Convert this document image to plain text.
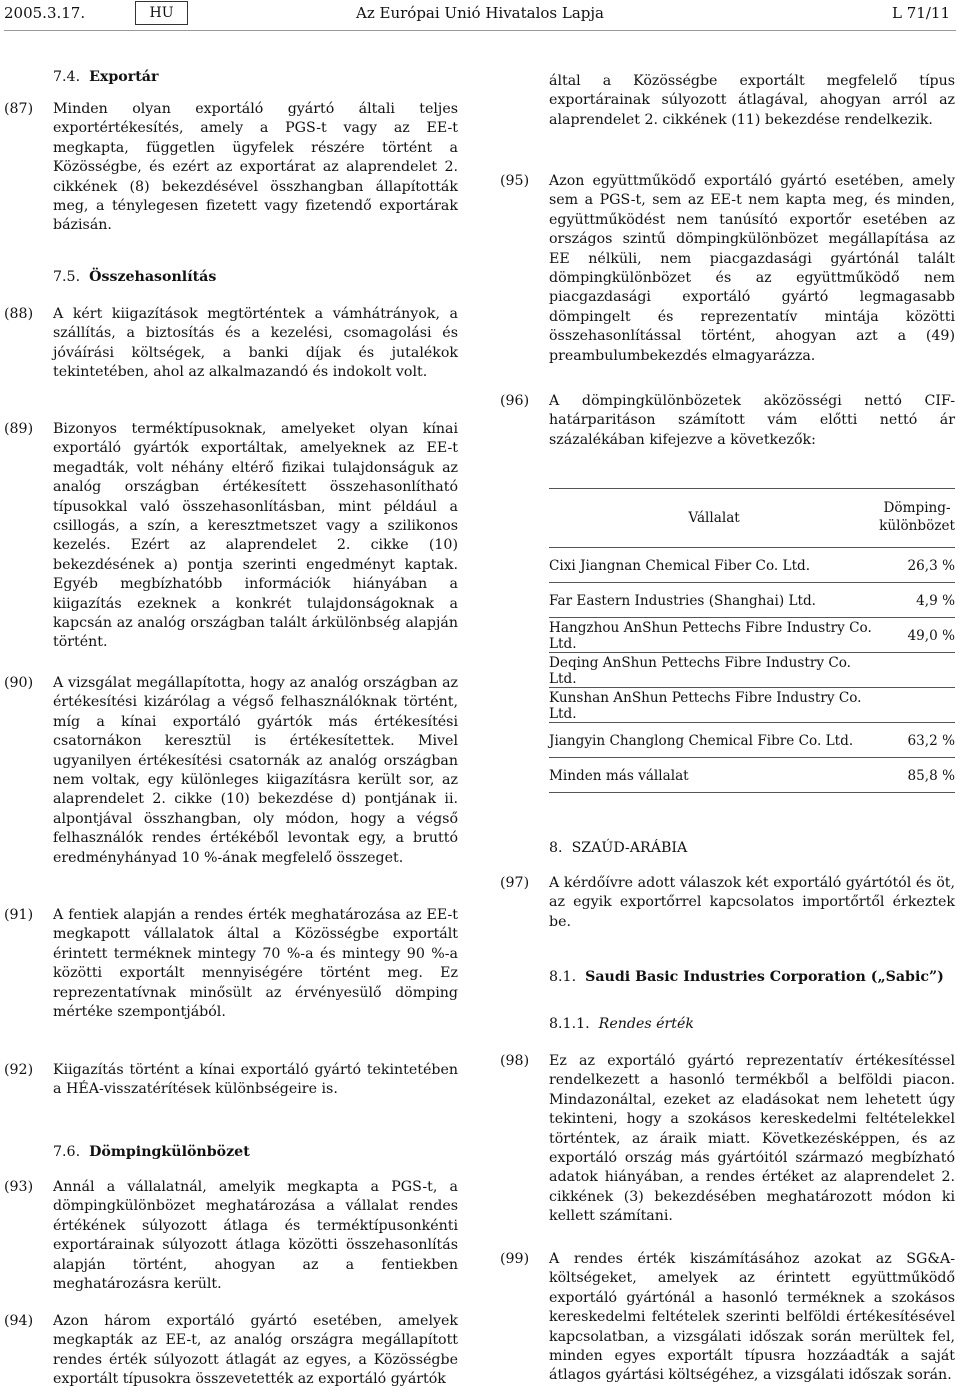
2005.3.17.	HU	Az Európai Unió Hivatalos Lapja	L 71/11
7.4. Exportár
(87) Minden olyan exportáló gyártó általi teljes exportértékesítés, amely a PGS-t vagy az EE-t megkapta, független ügyfelek részére történt a Közösségbe, és ezért az exportárat az alaprendelet 2. cikkének (8) bekezdésével összhangban állapították meg, a ténylegesen fizetett vagy fizetendő exportárak bázisán.
7.5. Összehasonlítás
(88) A kért kiigazítások megtörténtek a vámhátrányok, a szállítás, a biztosítás és a kezelési, csomagolási és jóváírási költségek, a banki díjak és jutalékok tekintetében, ahol az alkalmazandó és indokolt volt.
(89) Bizonyos terméktípusoknak, amelyeket olyan kínai exportáló gyártók exportáltak, amelyeknek az EE-t megadták, volt néhány eltérő fizikai tulajdonságuk az analóg országban értékesített összehasonlítható típusokkal való összehasonlításban, mint például a csillogás, a szín, a keresztmetszet vagy a szilikonos kezelés. Ezért az alaprendelet 2. cikke (10) bekezdésének a) pontja szerinti engedményt kaptak. Egyéb megbízhatóbb információk hiányában a kiigazítás ezeknek a konkrét tulajdonságoknak a kapcsán az analóg országban talált árkülönbség alapján történt.
(90) A vizsgálat megállapította, hogy az analóg országban az értékesítési kizárólag a végső felhasználóknak történt, míg a kínai exportáló gyártók más értékesítési csatornákon keresztül is értékesítettek. Mivel ugyanilyen értékesítési csatornák az analóg országban nem voltak, egy különleges kiigazításra került sor, az alaprendelet 2. cikke (10) bekezdése d) pontjának ii. alpontjával összhangban, oly módon, hogy a végső felhasználók rendes értékéből levontak egy, a bruttó eredményhányad 10 %-ának megfelelő összeget.
(91) A fentiek alapján a rendes érték meghatározása az EE-t megkapott vállalatok által a Közösségbe exportált érintett terméknek mintegy 70 %-a és mintegy 90 %-a közötti exportált mennyiségére történt meg. Ez reprezentatívnak minősült az érvényesülő dömping mértéke szempontjából.
(92) Kiigazítás történt a kínai exportáló gyártó tekintetében a HÉA-visszatérítések különbségeire is.
7.6. Dömpingkülönbözet
(93) Annál a vállalatnál, amelyik megkapta a PGS-t, a dömpingkülönbözet meghatározása a vállalat rendes értékének súlyozott átlaga és terméktípusonkénti exportárainak súlyozott átlaga közötti összehasonlítás alapján történt, ahogyan az a fentiekben meghatározásra került.
(94) Azon három exportáló gyártó esetében, amelyek megkapták az EE-t, az analóg országra megállapított rendes érték súlyozott átlagát az egyes, a Közösségbe exportált típusokra összevetették az exportáló gyártók
által a Közösségbe exportált megfelelő típus exportárainak súlyozott átlagával, ahogyan arról az alaprendelet 2. cikkének (11) bekezdése rendelkezik.
(95) Azon együttműködő exportáló gyártó esetében, amely sem a PGS-t, sem az EE-t nem kapta meg, és minden, együttműködést nem tanúsító exportőr esetében az országos szintű dömpingkülönbözet megállapítása az EE nélküli, nem piacgazdasági gyártónál talált dömpingkülönbözet és az együttműködő nem piacgazdasági exportáló gyártó legmagasabb dömpingelt és reprezentatív mintája közötti összehasonlítással történt, ahogyan azt a (49) preambulumbekezdés elmagyarázza.
(96) A dömpingkülönbözetek aközösségi nettó CIF-határparitáson számított vám előtti nettó ár százalékában kifejezve a következők:
Vállalat	Dömping-különbözet
Cixi Jiangnan Chemical Fiber Co. Ltd.	26,3 %
Far Eastern Industries (Shanghai) Ltd.	4,9 %
Hangzhou AnShun Pettechs Fibre Industry Co. Ltd.	49,0 %
Deqing AnShun Pettechs Fibre Industry Co. Ltd.	
Kunshan AnShun Pettechs Fibre Industry Co. Ltd.	
Jiangyin Changlong Chemical Fibre Co. Ltd.	63,2 %
Minden más vállalat	85,8 %
8. SZAÚD-ARÁBIA
(97) A kérdőívre adott válaszok két exportáló gyártótól és öt, az egyik exportőrrel kapcsolatos importőrtől érkeztek be.
8.1. Saudi Basic Industries Corporation („Sabic”)
8.1.1. Rendes érték
(98) Ez az exportáló gyártó reprezentatív értékesítéssel rendelkezett a hasonló termékből a belföldi piacon. Mindazonáltal, ezeket az eladásokat nem lehetett úgy tekinteni, hogy a szokásos kereskedelmi feltételekkel történtek, az áraik miatt. Következésképpen, és az exportáló ország más gyártóitól származó megbízható adatok hiányában, a rendes értéket az alaprendelet 2. cikkének (3) bekezdésében meghatározott módon ki kellett számítani.
(99) A rendes érték kiszámításához azokat az SG&A-költségeket, amelyek az érintett együttműködő exportáló gyártónál a hasonló terméknek a szokásos kereskedelmi feltételek szerinti belföldi értékesítésével kapcsolatban, a vizsgálati időszak során merültek fel, minden egyes exportált típusra hozzáadták a saját átlagos gyártási költségéhez, a vizsgálati időszak során.
